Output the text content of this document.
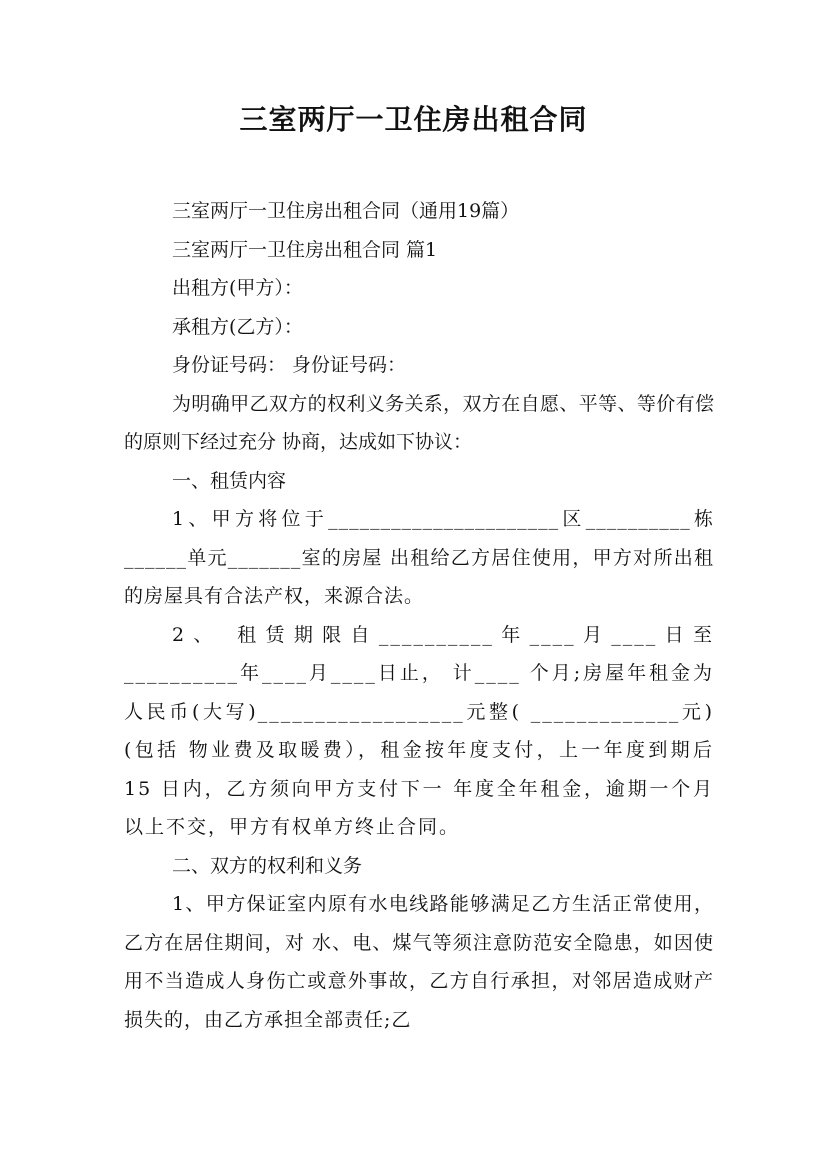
三室两厅一卫住房出租合同

三室两厅一卫住房出租合同（通用19篇）

三室两厅一卫住房出租合同 篇1

出租方(甲方）：

承租方(乙方）：

身份证号码： 身份证号码：

为明确甲乙双方的权利义务关系，双方在自愿、平等、等价有偿的原则下经过充分 协商，达成如下协议：

一、租赁内容

1、甲方将位于______________________区__________栋______单元_______室的房屋 出租给乙方居住使用，甲方对所出租的房屋具有合法产权，来源合法。

2、 租赁期限自__________年____月____日至__________年____月____日止， 计____ 个月;房屋年租金为人民币(大写)__________________元整( _____________元)(包括 物业费及取暖费），租金按年度支付，上一年度到期后 15 日内，乙方须向甲方支付下一 年度全年租金，逾期一个月以上不交，甲方有权单方终止合同。

二、双方的权利和义务

1、甲方保证室内原有水电线路能够满足乙方生活正常使用，乙方在居住期间，对 水、电、煤气等须注意防范安全隐患，如因使用不当造成人身伤亡或意外事故，乙方自行承担，对邻居造成财产损失的，由乙方承担全部责任;乙
